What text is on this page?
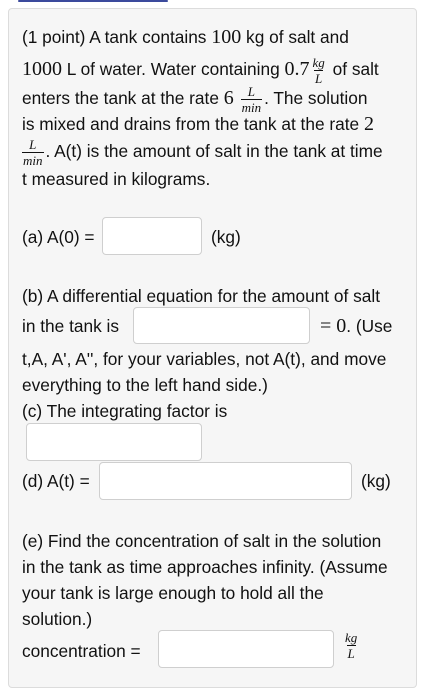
(1 point) A tank contains 100 kg of salt and
1000 L of water. Water containing $0.7 \frac{kg}{L}$ of salt
enters the tank at the rate $6 \frac{L}{\min}$ . The solution
is mixed and drains from the tank at the rate 2
$\frac{L}{\min}$ . A(t) is the amount of salt in the tank at time
t measured in kilograms.
(a) A(0) =	(kg)
(b) A differential equation for the amount of salt
in the tank is	= 0. (Use
t,A, A', A'', for your variables, not A(t), and move
everything to the left hand side.)
(c) The integrating factor is
(d) A(t) =	(kg)
(e) Find the concentration of salt in the solution
in the tank as time approaches infinity. (Assume
your tank is large enough to hold all the
solution.)
concentration =	$\frac{kg}{L}$
